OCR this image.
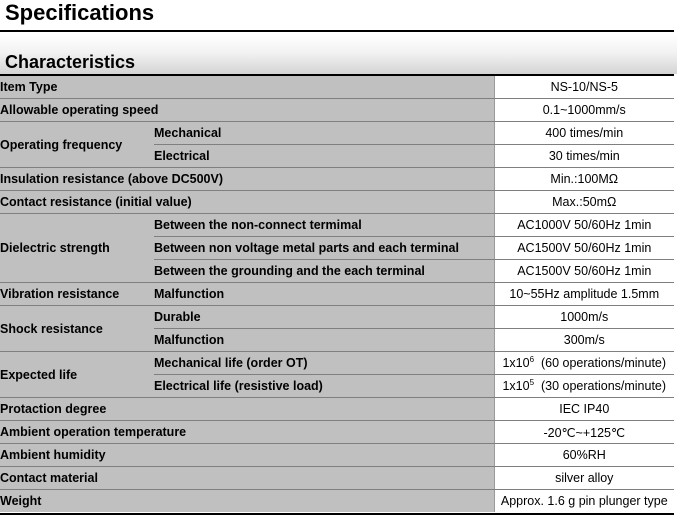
Specifications
Characteristics
Item Type		NS-10/NS-5
Allowable operating speed		0.1~1000mm/s
Operating frequency	Mechanical	400 times/min
	Electrical	30 times/min
Insulation resistance (above DC500V)		Min.:100MΩ
Contact resistance (initial value)		Max.:50mΩ
Dielectric strength	Between the non-connect termimal	AC1000V 50/60Hz 1min
	Between non voltage metal parts and each terminal	AC1500V 50/60Hz 1min
	Between the grounding and the each terminal	AC1500V 50/60Hz 1min
Vibration resistance	Malfunction	10~55Hz amplitude 1.5mm
Shock resistance	Durable	1000m/s
	Malfunction	300m/s
Expected life	Mechanical life (order OT)	$1x10^6$  (60 operations/minute)
	Electrical life (resistive load)	$1x10^5$  (30 operations/minute)
Protaction degree		IEC IP40
Ambient operation temperature		-20℃~+125℃
Ambient humidity		60%RH
Contact material		silver alloy
Weight		Approx. 1.6 g pin plunger type
